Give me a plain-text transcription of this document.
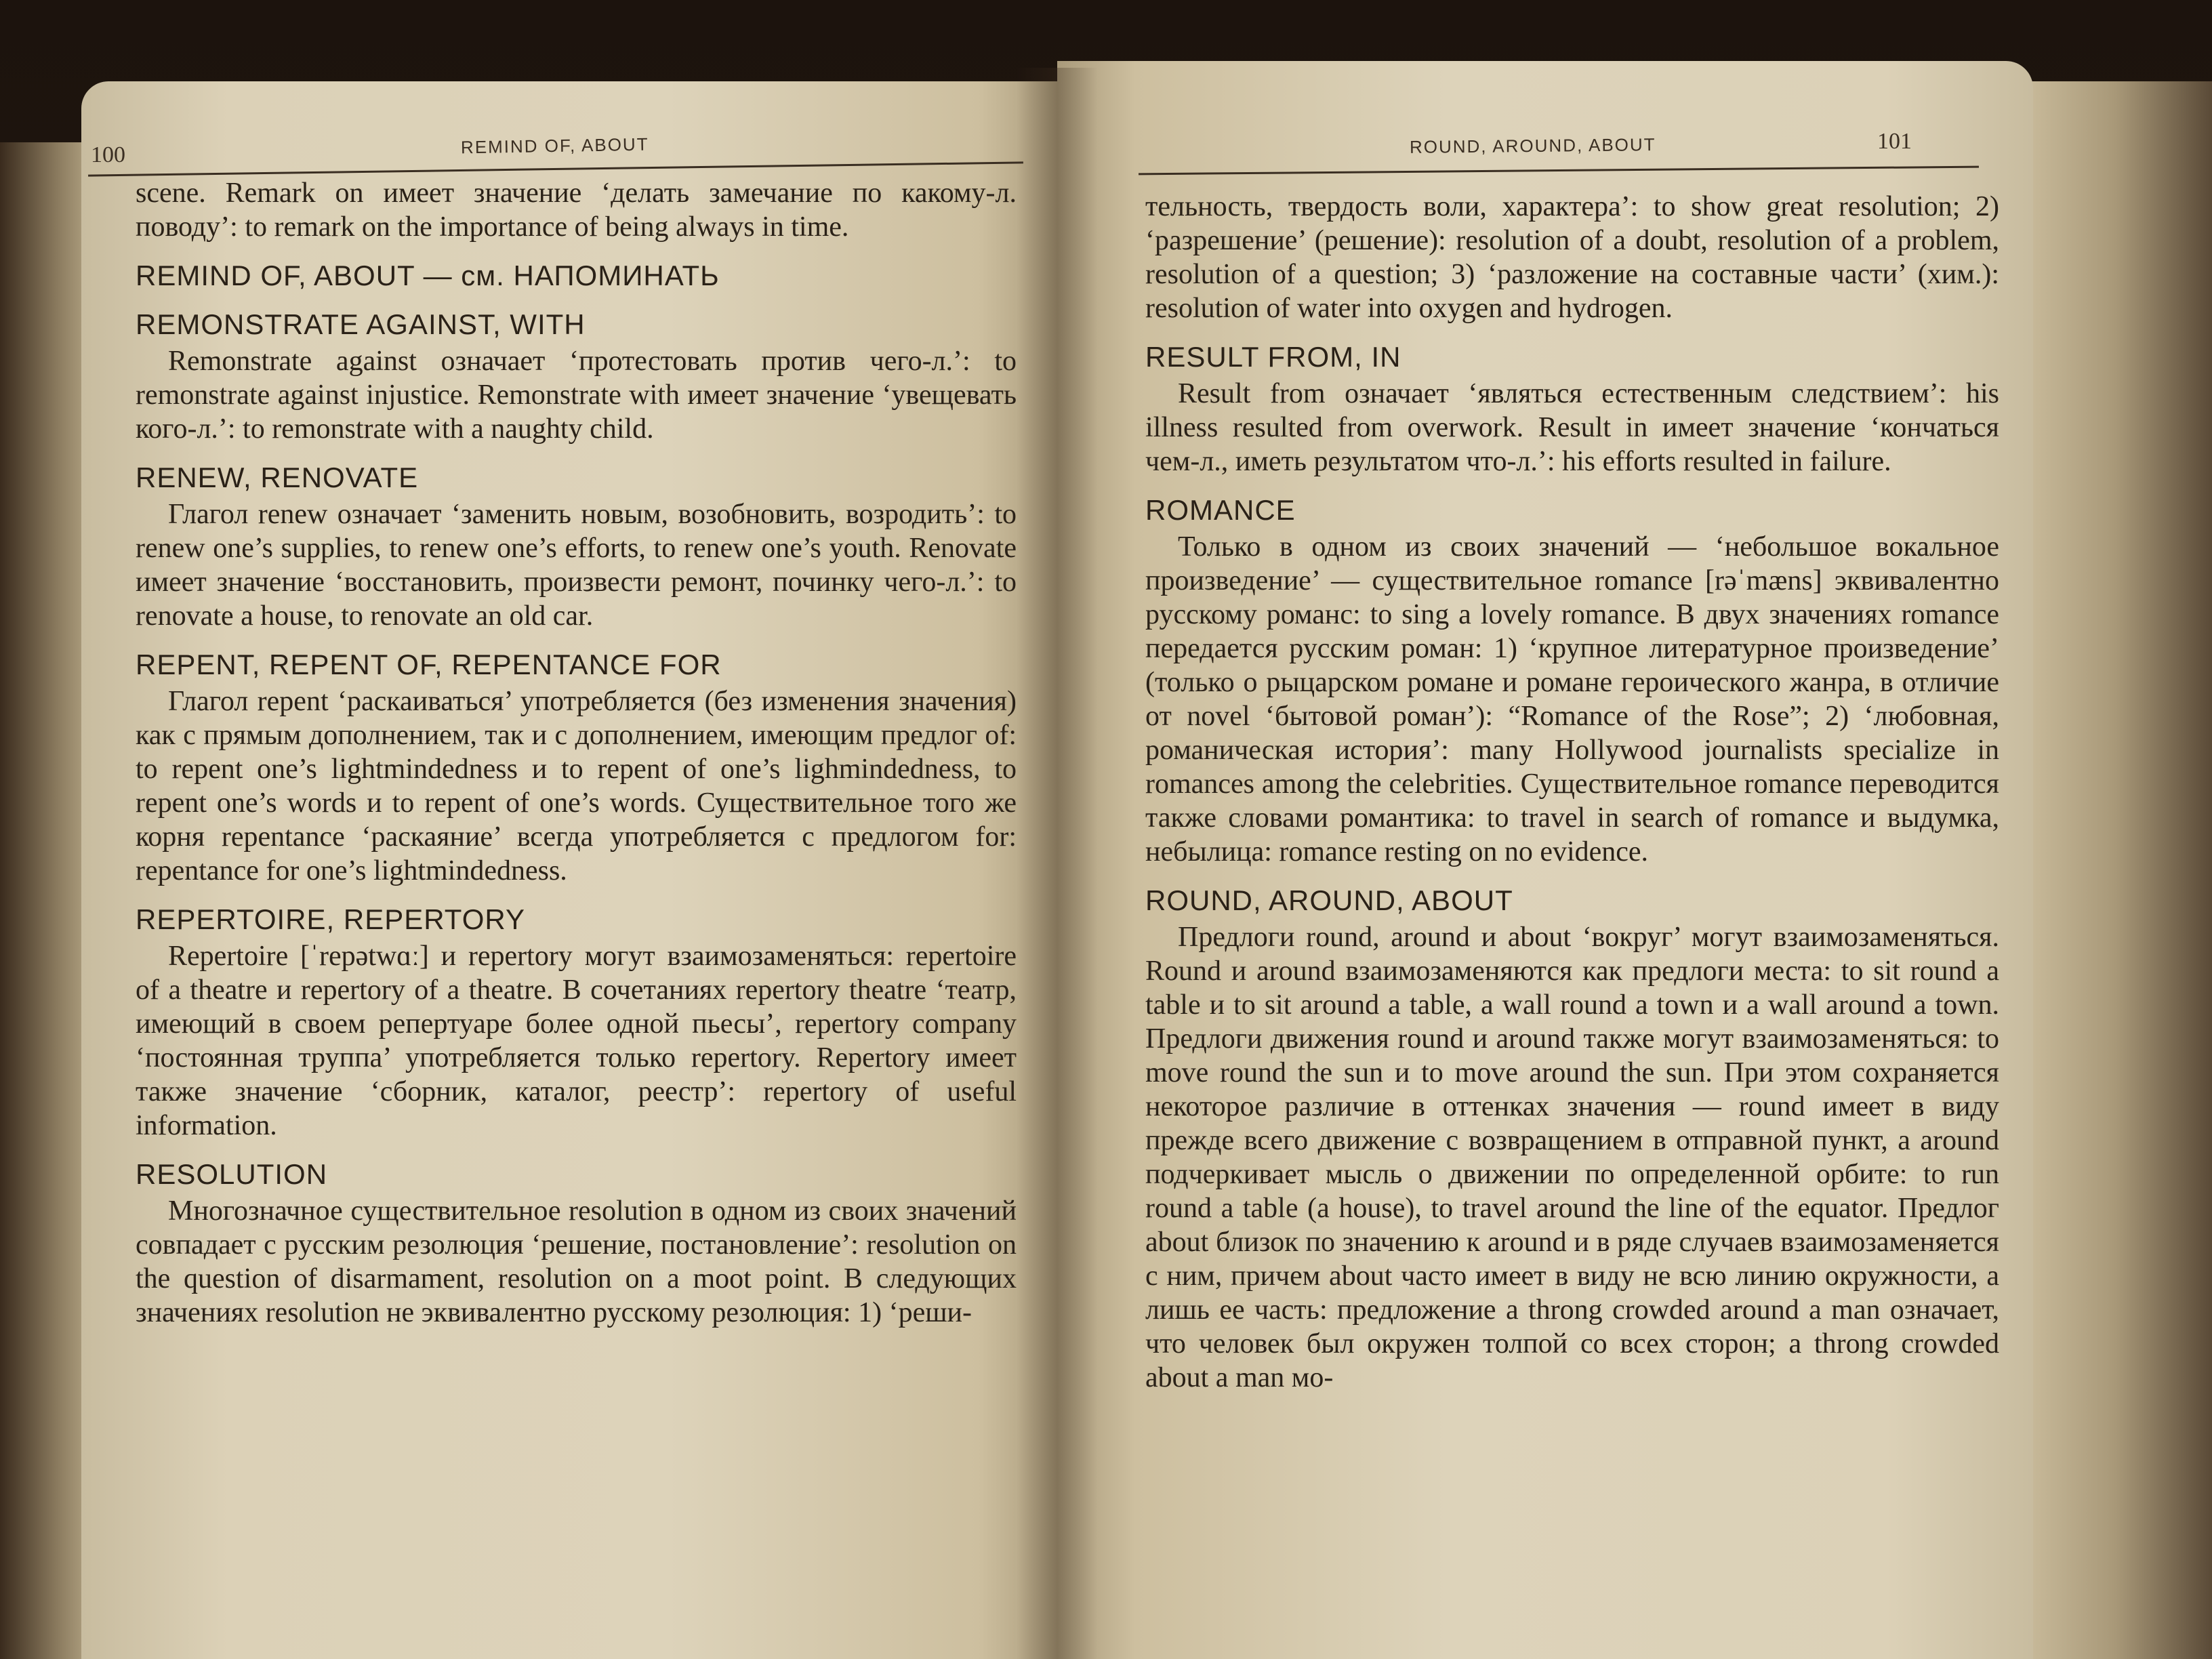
REMIND OF, ABOUT
100

scene. Remark on имеет значение ‘делать замечание по какому-л. поводу’: to remark on the importance of being always in time.

REMIND OF, ABOUT — см. НАПОМИНАТЬ
REMONSTRATE AGAINST, WITH

Remonstrate against означает ‘протестовать против чего-л.’: to remonstrate against injustice. Remonstrate with имеет значение ‘увещевать кого-л.’: to remonstrate with a naughty child.

RENEW, RENOVATE

Глагол renew означает ‘заменить новым, возобновить, возродить’: to renew one’s supplies, to renew one’s efforts, to renew one’s youth. Renovate имеет значение ‘восстановить, произвести ремонт, починку чего-л.’: to renovate a house, to renovate an old car.

REPENT, REPENT OF, REPENTANCE FOR

Глагол repent ‘раскаиваться’ употребляется (без изменения значения) как с прямым дополнением, так и с дополнением, имеющим предлог of: to repent one’s lightmindedness и to repent of one’s lighmindedness, to repent one’s words и to repent of one’s words. Существительное того же корня repentance ‘раскаяние’ всегда употребляется с предлогом for: repentance for one’s lightmindedness.

REPERTOIRE, REPERTORY

Repertoire [ˈrepətwɑː] и repertory могут взаимозаменяться: repertoire of a theatre и repertory of a theatre. В сочетаниях repertory theatre ‘театр, имеющий в своем репертуаре более одной пьесы’, repertory company ‘постоянная труппа’ употребляется только repertory. Repertory имеет также значение ‘сборник, каталог, реестр’: repertory of useful information.

RESOLUTION

Многозначное существительное resolution в одном из своих значений совпадает с русским резолюция ‘решение, постановление’: resolution on the question of disarmament, resolution on a moot point. В следующих значениях resolution не эквивалентно русскому резолюция: 1) ‘реши-

ROUND, AROUND, ABOUT	101

тельность, твердость воли, характера’: to show great resolution; 2) ‘разрешение’ (решение): resolution of a doubt, resolution of a problem, resolution of a question; 3) ‘разложение на составные части’ (хим.): resolution of water into oxygen and hydrogen.

RESULT FROM, IN

Result from означает ‘являться естественным следствием’: his illness resulted from overwork. Result in имеет значение ‘кончаться чем-л., иметь результатом что-л.’: his efforts resulted in failure.

ROMANCE

Только в одном из своих значений — ‘небольшое вокальное произведение’ — существительное romance [rəˈmæns] эквивалентно русскому романс: to sing a lovely romance. В двух значениях romance передается русским роман: 1) ‘крупное литературное произведение’ (только о рыцарском романе и романе героического жанра, в отличие от novel ‘бытовой роман’): “Romance of the Rose”; 2) ‘любовная, романическая история’: many Hollywood journalists specialize in romances among the celebrities. Существительное romance переводится также словами романтика: to travel in search of romance и выдумка, небылица: romance resting on no evidence.

ROUND, AROUND, ABOUT

Предлоги round, around и about ‘вокруг’ могут взаимозаменяться. Round и around взаимозаменяются как предлоги места: to sit round a table и to sit around a table, a wall round a town и a wall around a town. Предлоги движения round и around также могут взаимозаменяться: to move round the sun и to move around the sun. При этом сохраняется некоторое различие в оттенках значения — round имеет в виду прежде всего движение с возвращением в отправной пункт, а around подчеркивает мысль о движении по определенной орбите: to run round a table (a house), to travel around the line of the equator. Предлог about близок по значению к around и в ряде случаев взаимозаменяется с ним, причем about часто имеет в виду не всю линию окружности, а лишь ее часть: предложение a throng crowded around a man означает, что человек был окружен толпой со всех сторон; a throng crowded about a man мо-
